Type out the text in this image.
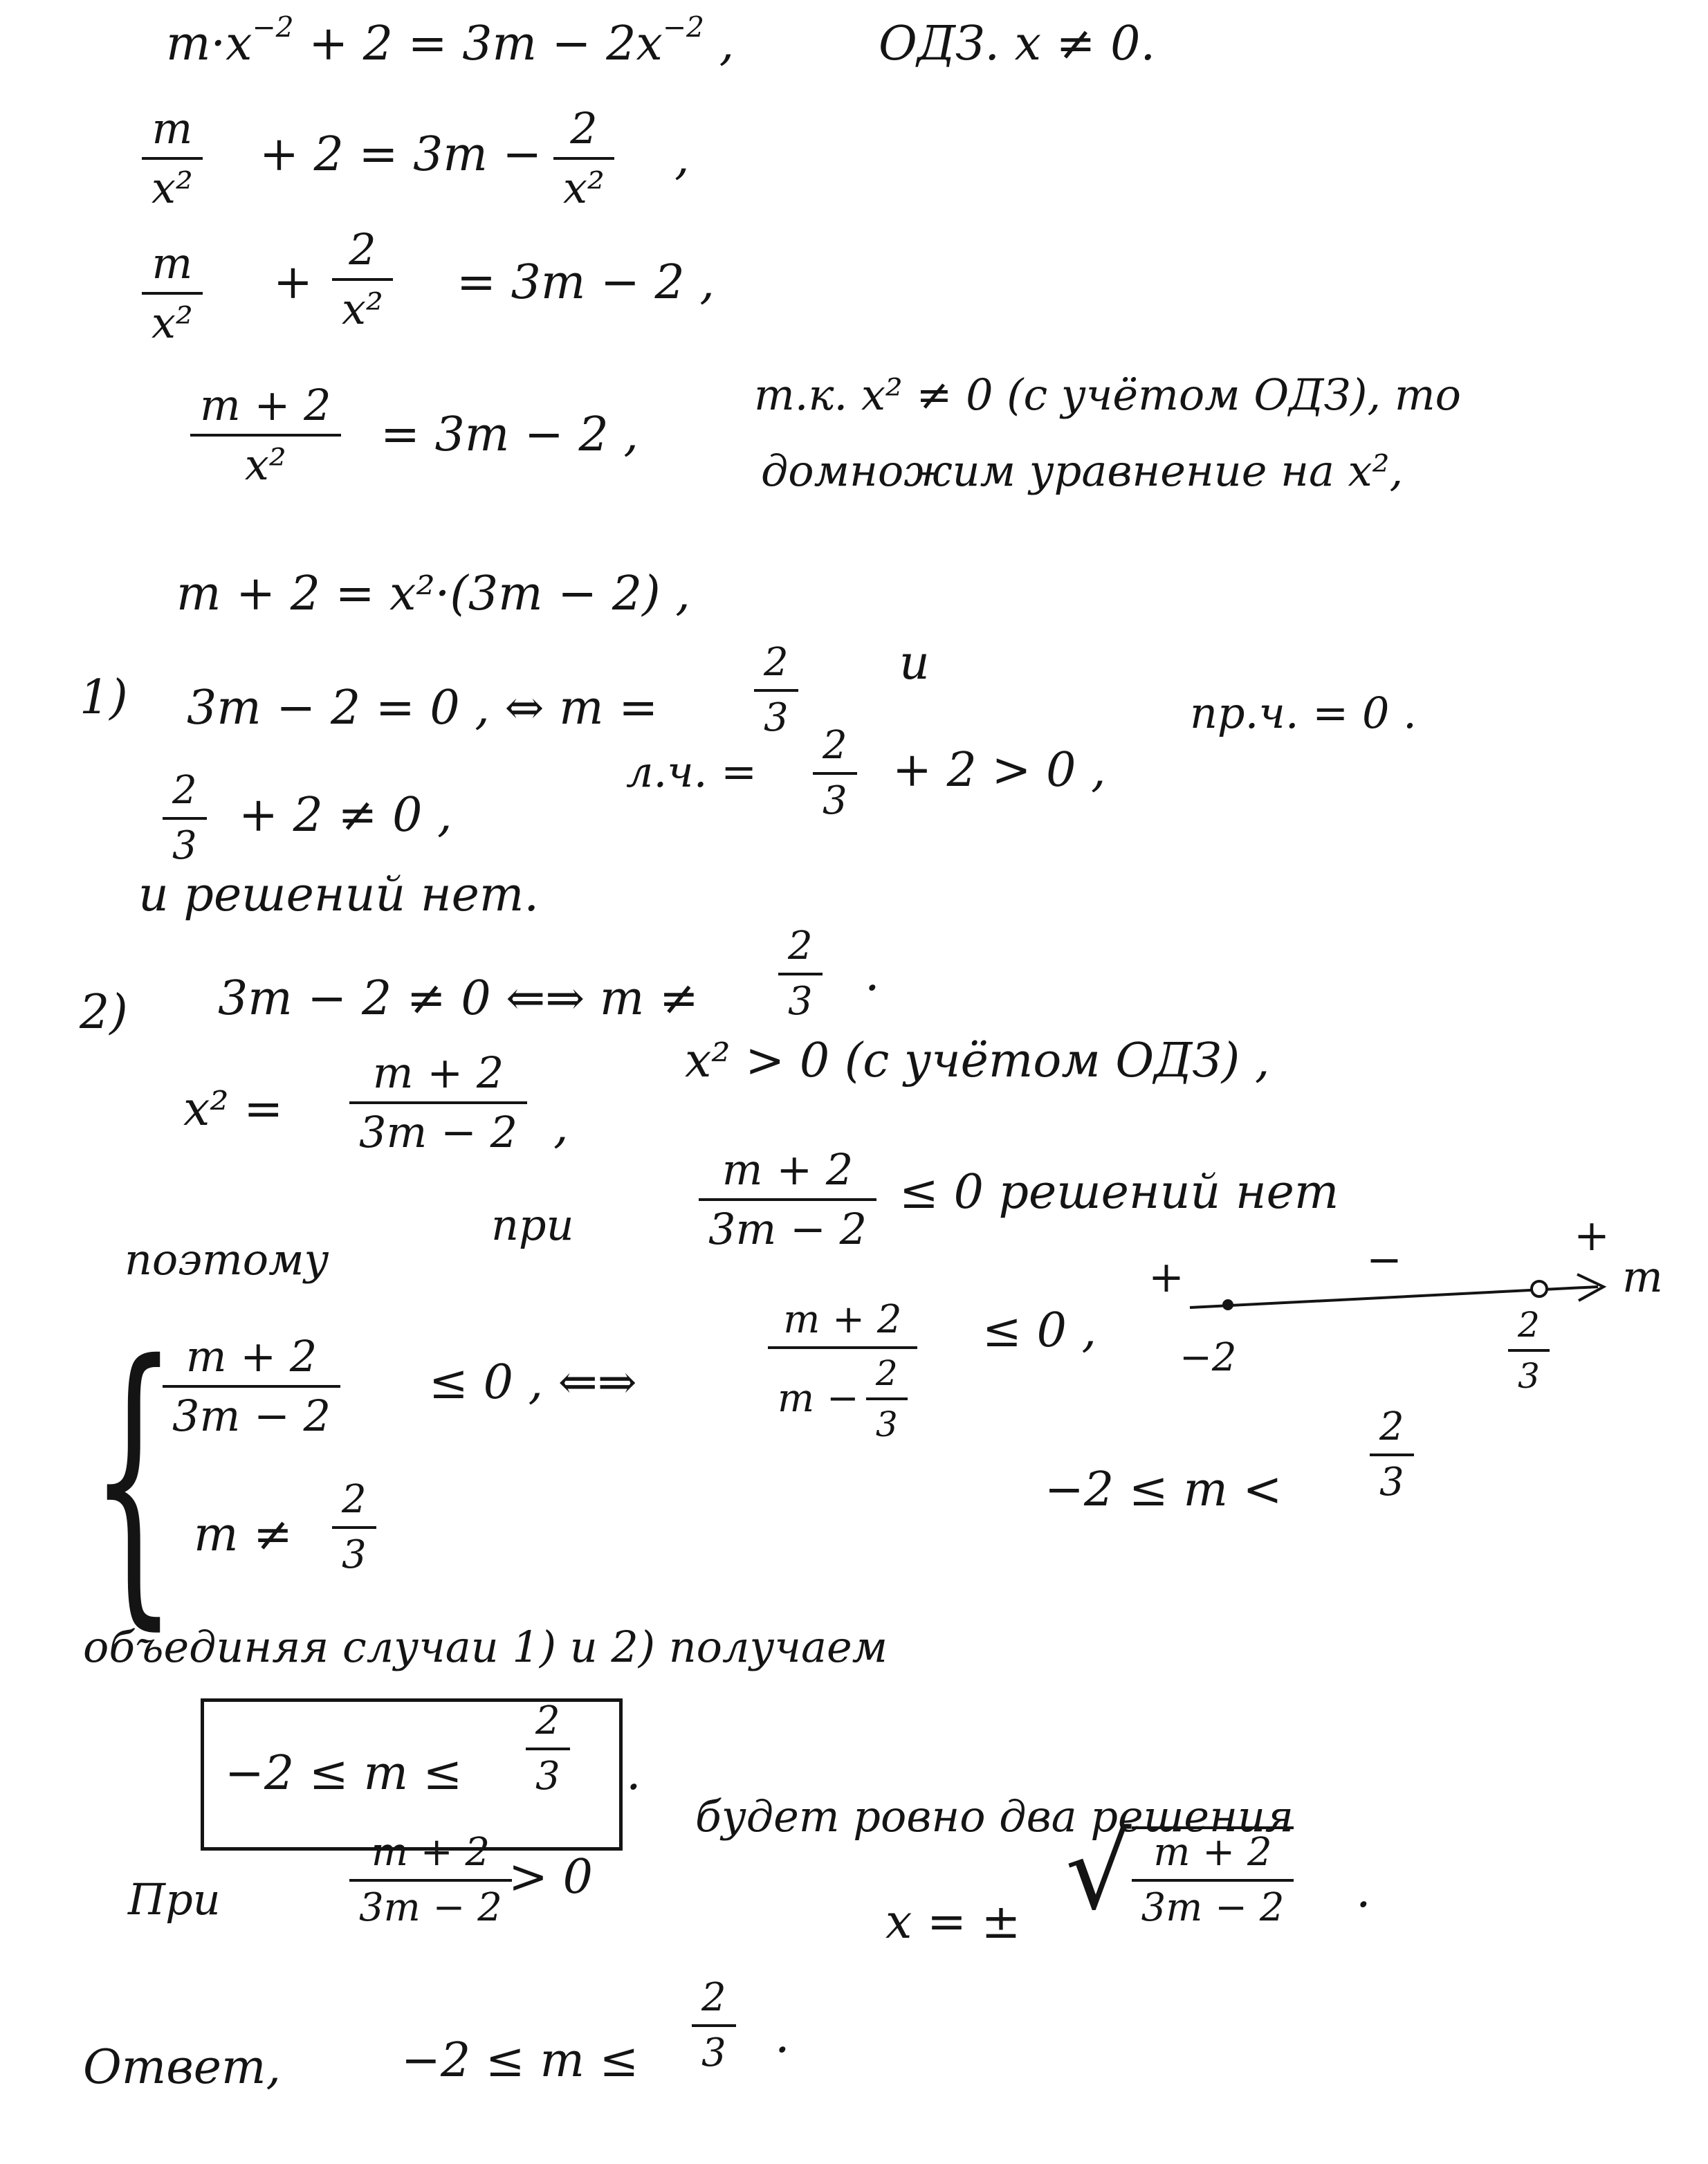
$m\cdot x^{-2} + 2 = 3m - 2x^{-2}$ ,	ОДЗ. x ≠ 0.
m
x²
+ 2 = 3m − 2
x²
,
m
x²
+
2
x² = 3m − 2 ,
m + 2
x²
= 3m − 2 ,
т.к. x² ≠ 0 (с учётом ОДЗ), то
домножим уравнение на x²,
m + 2 = x²·(3m − 2) ,
1) 3m − 2 = 0 , ⇔ m =
2
3
и
2
3
+ 2 ≠ 0 ,
л.ч. =
2
3
+ 2 > 0 ,
пр.ч. = 0 .
и решений нет.
2) 3m − 2 ≠ 0 ⇐⇒ m ≠
2
3 .
x² =
m + 2
3m − 2 ,
x² > 0 (с учётом ОДЗ) ,
поэтому
при
m + 2
3m − 2
≤ 0 решений нет
+	−	+
m
−2
2
3
{ m + 2
3m − 2
≤ 0 , ⇐⇒
m ≠
2
3
m + 2
$m - \frac{2}{3}$
≤ 0 ,
−2 ≤ m <
2
3
объединяя случаи 1) и 2) получаем
−2 ≤ m ≤
2
3 .
При
m + 2
3m − 2
> 0
будет ровно два решения
x = ± √ $\frac{m + 2}{3m - 2}$ .
Ответ,	−2 ≤ m ≤
2
3 .
